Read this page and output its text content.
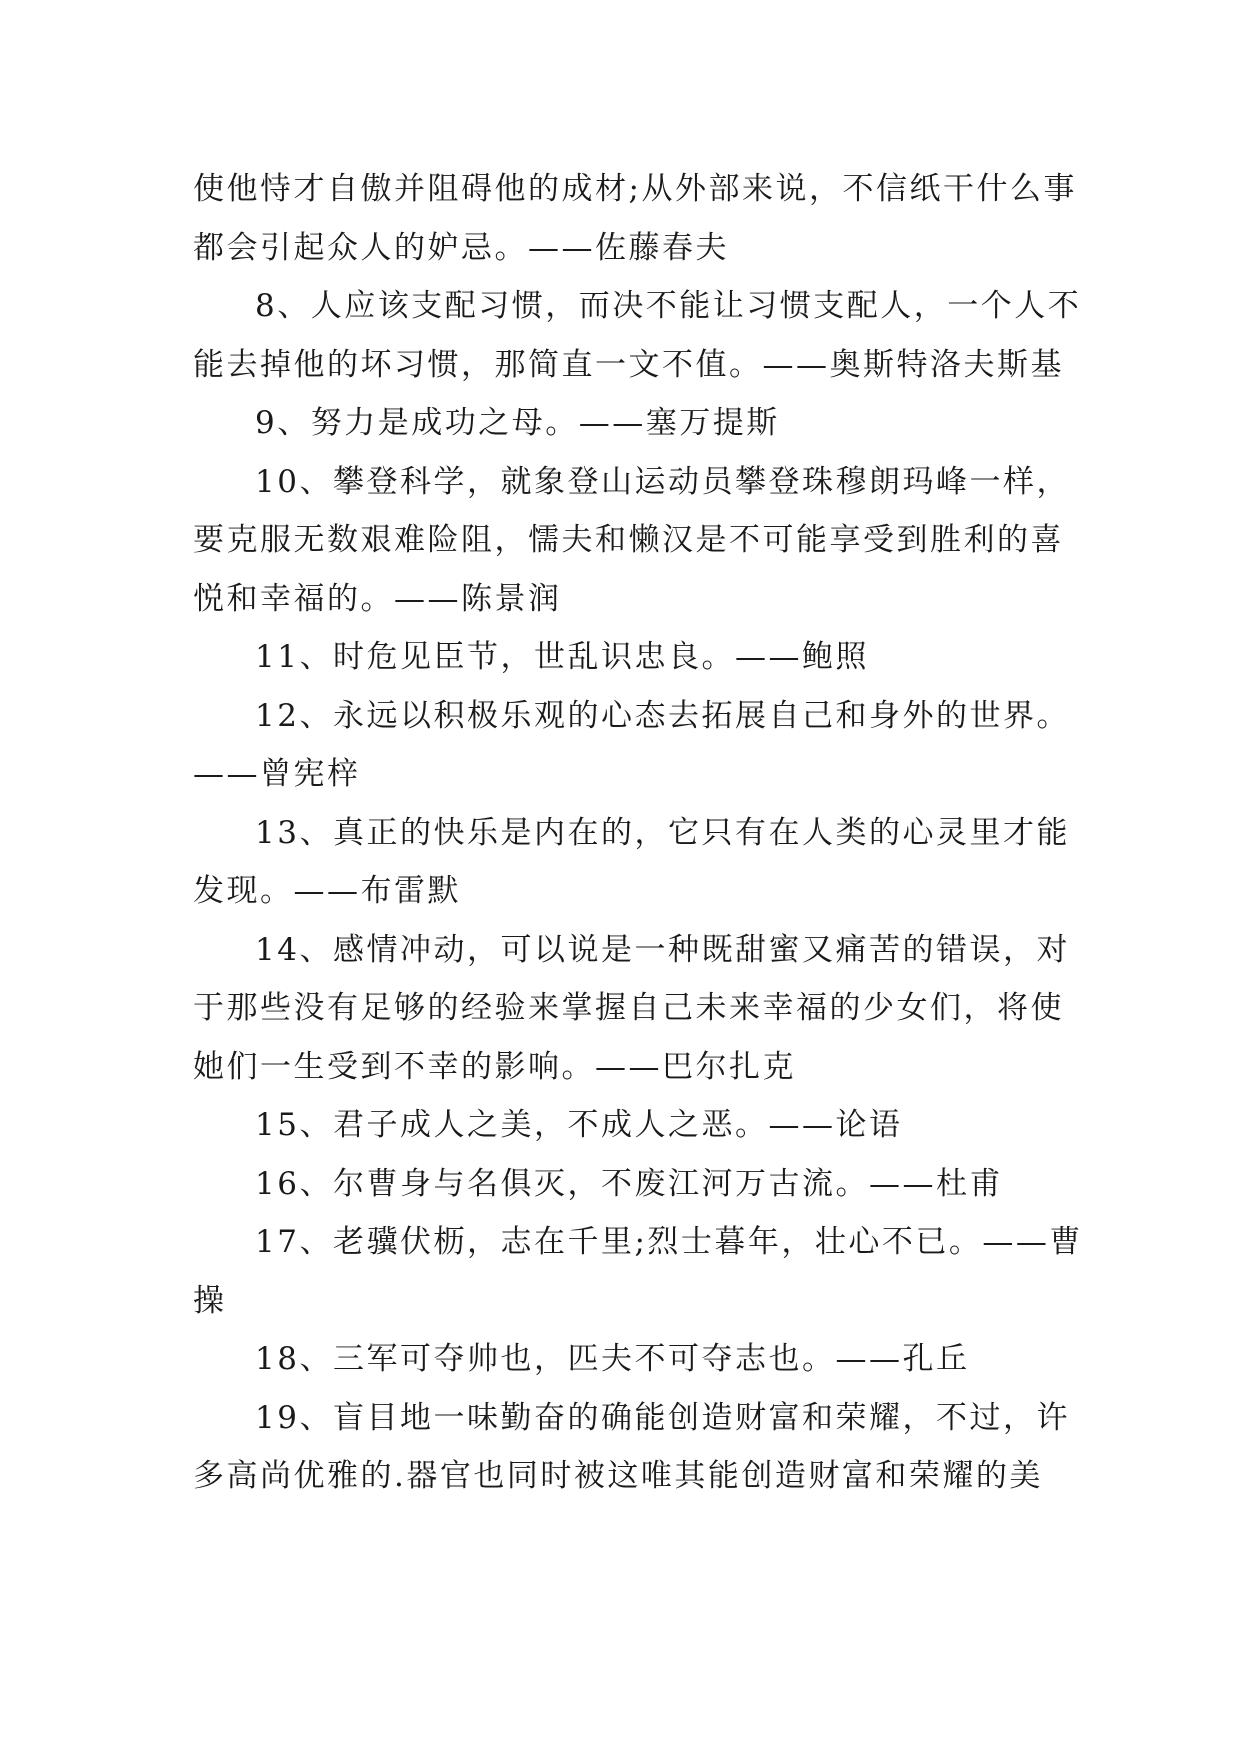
使他恃才自傲并阻碍他的成材;从外部来说，不信纸干什么事都会引起众人的妒忌。——佐藤春夫

8、人应该支配习惯，而决不能让习惯支配人，一个人不能去掉他的坏习惯，那简直一文不值。——奥斯特洛夫斯基

9、努力是成功之母。——塞万提斯

10、攀登科学，就象登山运动员攀登珠穆朗玛峰一样，要克服无数艰难险阻，懦夫和懒汉是不可能享受到胜利的喜悦和幸福的。——陈景润

11、时危见臣节，世乱识忠良。——鲍照

12、永远以积极乐观的心态去拓展自己和身外的世界。——曾宪梓

13、真正的快乐是内在的，它只有在人类的心灵里才能发现。——布雷默

14、感情冲动，可以说是一种既甜蜜又痛苦的错误，对于那些没有足够的经验来掌握自己未来幸福的少女们，将使她们一生受到不幸的影响。——巴尔扎克

15、君子成人之美，不成人之恶。——论语

16、尔曹身与名俱灭，不废江河万古流。——杜甫

17、老骥伏枥，志在千里;烈士暮年，壮心不已。——曹操

18、三军可夺帅也，匹夫不可夺志也。——孔丘

19、盲目地一味勤奋的确能创造财富和荣耀，不过，许多高尚优雅的.器官也同时被这唯其能创造财富和荣耀的美
